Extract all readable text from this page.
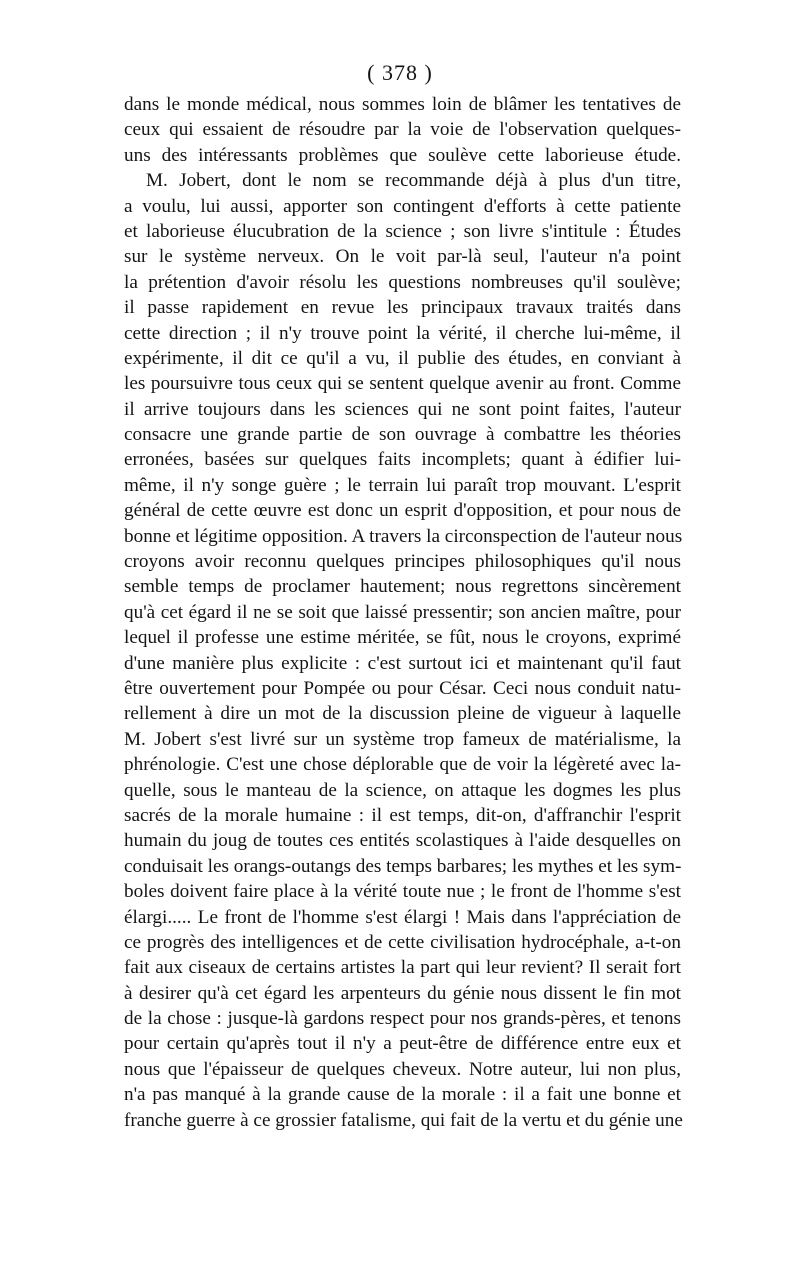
( 378 )
dans le monde médical, nous sommes loin de blâmer les tentatives de
ceux qui essaient de résoudre par la voie de l'observation quelques-
uns des intéressants problèmes que soulève cette laborieuse étude.
M. Jobert, dont le nom se recommande déjà à plus d'un titre,
a voulu, lui aussi, apporter son contingent d'efforts à cette patiente
et laborieuse élucubration de la science ; son livre s'intitule : Études
sur le système nerveux. On le voit par-là seul, l'auteur n'a point
la prétention d'avoir résolu les questions nombreuses qu'il soulève;
il passe rapidement en revue les principaux travaux traités dans
cette direction ; il n'y trouve point la vérité, il cherche lui-même, il
expérimente, il dit ce qu'il a vu, il publie des études, en conviant à
les poursuivre tous ceux qui se sentent quelque avenir au front. Comme
il arrive toujours dans les sciences qui ne sont point faites, l'auteur
consacre une grande partie de son ouvrage à combattre les théories
erronées, basées sur quelques faits incomplets; quant à édifier lui-
même, il n'y songe guère ; le terrain lui paraît trop mouvant. L'esprit
général de cette œuvre est donc un esprit d'opposition, et pour nous de
bonne et légitime opposition. A travers la circonspection de l'auteur nous
croyons avoir reconnu quelques principes philosophiques qu'il nous
semble temps de proclamer hautement; nous regrettons sincèrement
qu'à cet égard il ne se soit que laissé pressentir; son ancien maître, pour
lequel il professe une estime méritée, se fût, nous le croyons, exprimé
d'une manière plus explicite : c'est surtout ici et maintenant qu'il faut
être ouvertement pour Pompée ou pour César. Ceci nous conduit natu-
rellement à dire un mot de la discussion pleine de vigueur à laquelle
M. Jobert s'est livré sur un système trop fameux de matérialisme, la
phrénologie. C'est une chose déplorable que de voir la légèreté avec la-
quelle, sous le manteau de la science, on attaque les dogmes les plus
sacrés de la morale humaine : il est temps, dit-on, d'affranchir l'esprit
humain du joug de toutes ces entités scolastiques à l'aide desquelles on
conduisait les orangs-outangs des temps barbares; les mythes et les sym-
boles doivent faire place à la vérité toute nue ; le front de l'homme s'est
élargi..... Le front de l'homme s'est élargi ! Mais dans l'appréciation de
ce progrès des intelligences et de cette civilisation hydrocéphale, a-t-on
fait aux ciseaux de certains artistes la part qui leur revient? Il serait fort
à desirer qu'à cet égard les arpenteurs du génie nous dissent le fin mot
de la chose : jusque-là gardons respect pour nos grands-pères, et tenons
pour certain qu'après tout il n'y a peut-être de différence entre eux et
nous que l'épaisseur de quelques cheveux. Notre auteur, lui non plus,
n'a pas manqué à la grande cause de la morale : il a fait une bonne et
franche guerre à ce grossier fatalisme, qui fait de la vertu et du génie une
